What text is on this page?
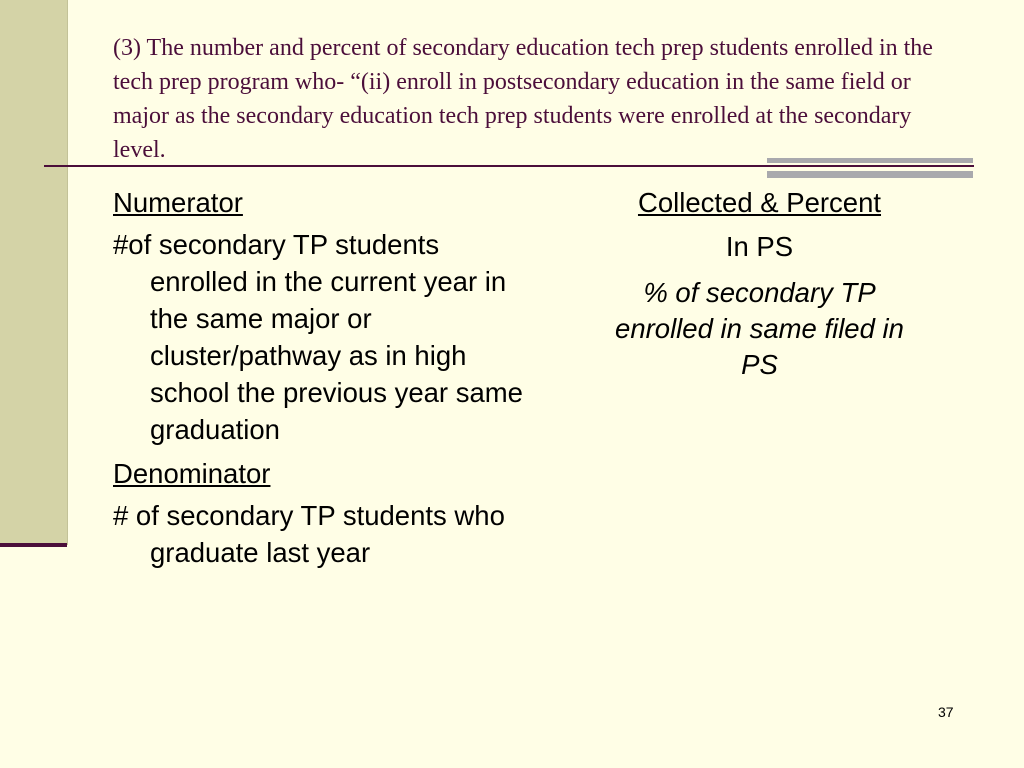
(3) The number and percent of secondary education tech prep students enrolled in the tech prep program who- “(ii) enroll in postsecondary education in the same field or major as the secondary education tech prep students were enrolled at the secondary level.

Numerator
#of secondary TP students enrolled in the current year in the same major or cluster/pathway as in high school the previous year same graduation
Denominator
# of secondary TP students who graduate last year
Collected & Percent
In PS
% of secondary TP
enrolled in same filed in
PS
37
